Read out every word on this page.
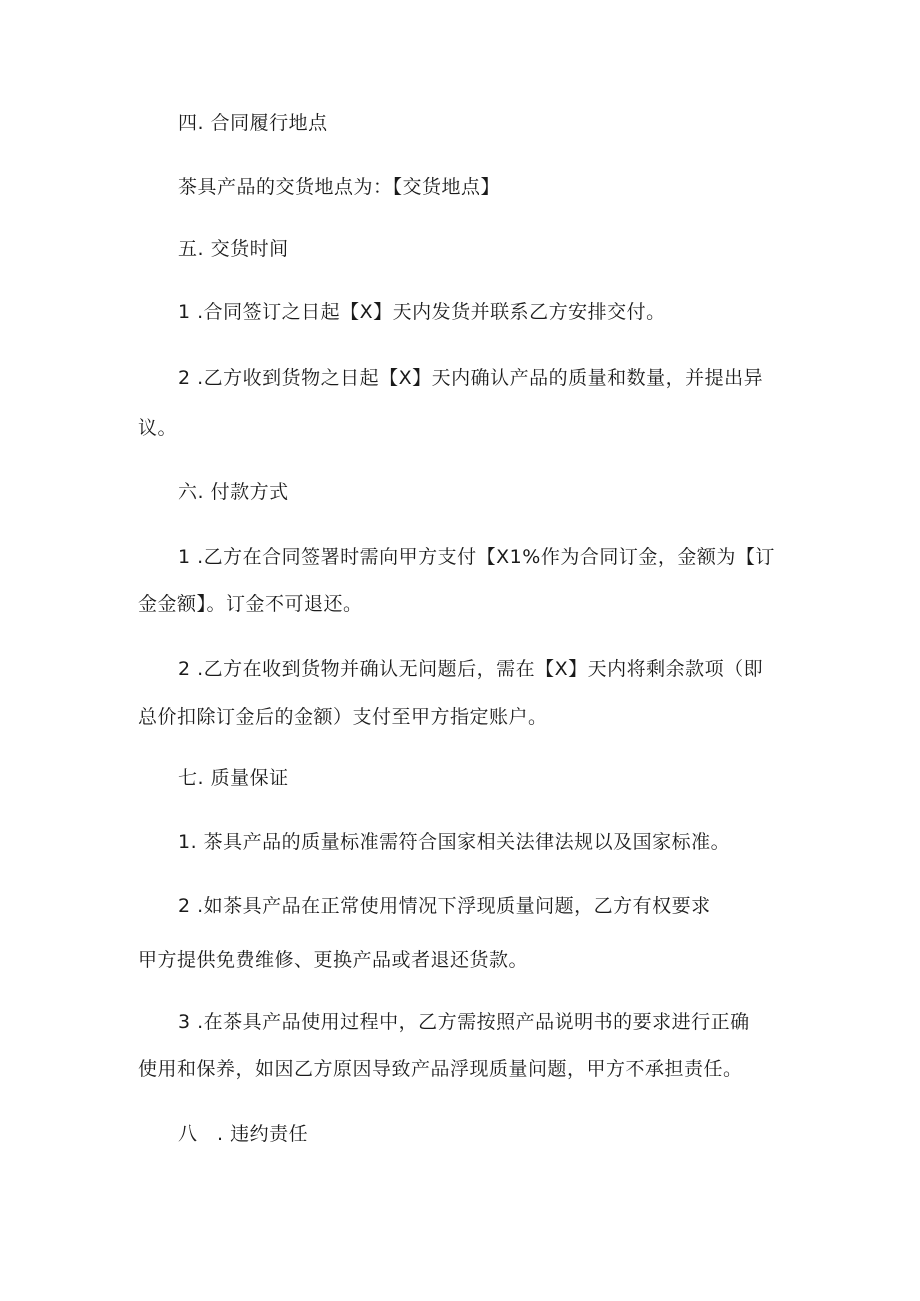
四. 合同履行地点
茶具产品的交货地点为：【交货地点】
五. 交货时间
1 .合同签订之日起【X】天内发货并联系乙方安排交付。
2 .乙方收到货物之日起【X】天内确认产品的质量和数量，并提出异
议。
六. 付款方式
1 .乙方在合同签署时需向甲方支付【X1%作为合同订金，金额为【订
金金额】。订金不可退还。
2 .乙方在收到货物并确认无问题后，需在【X】天内将剩余款项（即
总价扣除订金后的金额）支付至甲方指定账户。
七. 质量保证
1. 茶具产品的质量标准需符合国家相关法律法规以及国家标准。
2 .如茶具产品在正常使用情况下浮现质量问题，乙方有权要求
甲方提供免费维修、更换产品或者退还货款。
3 .在茶具产品使用过程中，乙方需按照产品说明书的要求进行正确
使用和保养，如因乙方原因导致产品浮现质量问题，甲方不承担责任。
八　. 违约责任
